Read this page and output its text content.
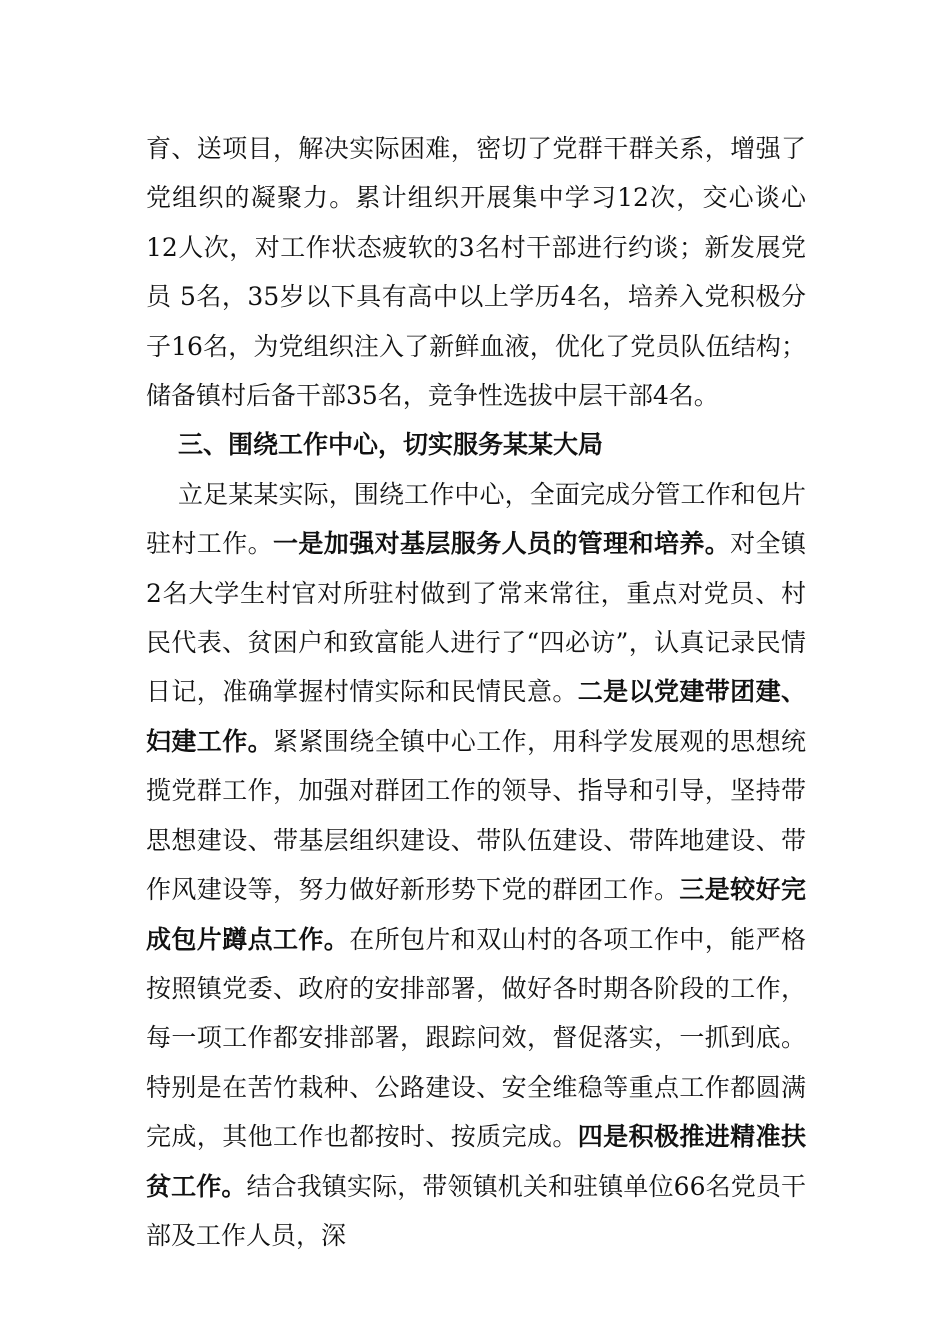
育、送项目，解决实际困难，密切了党群干群关系，增强了党组织的凝聚力。累计组织开展集中学习12次，交心谈心12人次，对工作状态疲软的3名村干部进行约谈；新发展党员 5名，35岁以下具有高中以上学历4名，培养入党积极分子16名，为党组织注入了新鲜血液，优化了党员队伍结构；储备镇村后备干部35名，竞争性选拔中层干部4名。

三、围绕工作中心，切实服务某某大局

立足某某实际，围绕工作中心，全面完成分管工作和包片驻村工作。一是加强对基层服务人员的管理和培养。对全镇2名大学生村官对所驻村做到了常来常往，重点对党员、村民代表、贫困户和致富能人进行了“四必访”，认真记录民情日记，准确掌握村情实际和民情民意。二是以党建带团建、妇建工作。紧紧围绕全镇中心工作，用科学发展观的思想统揽党群工作，加强对群团工作的领导、指导和引导，坚持带思想建设、带基层组织建设、带队伍建设、带阵地建设、带作风建设等，努力做好新形势下党的群团工作。三是较好完成包片蹲点工作。在所包片和双山村的各项工作中，能严格按照镇党委、政府的安排部署，做好各时期各阶段的工作，每一项工作都安排部署，跟踪问效，督促落实，一抓到底。特别是在苦竹栽种、公路建设、安全维稳等重点工作都圆满完成，其他工作也都按时、按质完成。四是积极推进精准扶贫工作。结合我镇实际，带领镇机关和驻镇单位66名党员干部及工作人员，深
